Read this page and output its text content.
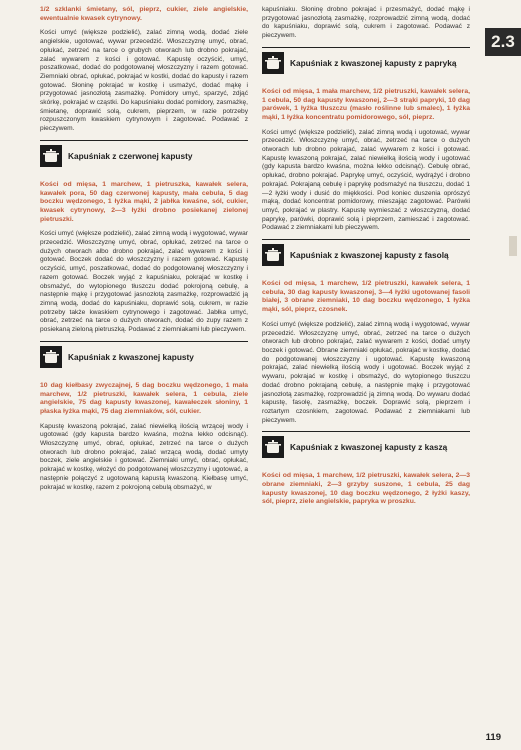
2.3
1/2 szklanki śmietany, sól, pieprz, cukier, ziele angielskie, ewentualnie kwasek cytrynowy.

Kości umyć (większe podzielić), zalać zimną wodą, dodać ziele angielskie, ugotować, wywar przecedzić. Włoszczyznę umyć, obrać, opłukać, zetrzeć na tarce o grubych otworach lub drobno pokrajać, zalać wywarem z kości i gotować. Kapustę oczyścić, umyć, poszatkować, dodać do podgotowanej włoszczyzny i razem gotować. Ziemniaki obrać, opłukać, pokrajać w kostki, dodać do kapusty i razem gotować. Słoninę pokrajać w kostkę i usmażyć, dodać mąkę i przygotować jasnozłotą zasmażkę. Pomidory umyć, sparzyć, zdjąć skórkę, pokrajać w cząstki. Do kapuśniaku dodać pomidory, zasmażkę, śmietanę, doprawić solą, cukrem, pieprzem, w razie potrzeby rozpuszczonym kwaskiem cytrynowym i zagotować. Podawać z pieczywem.

Kapuśniak z czerwonej kapusty
Kości od mięsa, 1 marchew, 1 pietruszka, kawałek selera, kawałek pora, 50 dag czerwonej kapusty, mała cebula, 5 dag boczku wędzonego, 1 łyżka mąki, 2 jabłka kwaśne, sól, cukier, kwasek cytrynowy, 2—3 łyżki drobno posiekanej zielonej pietruszki.

Kości umyć (większe podzielić), zalać zimną wodą i wygotować, wywar przecedzić. Włoszczyznę umyć, obrać, opłukać, zetrzeć na tarce o dużych otworach albo drobno pokrajać, zalać wywarem z kości i gotować. Boczek dodać do włoszczyzny i razem gotować. Kapustę oczyścić, umyć, poszatkować, dodać do podgotowanej włoszczyzny i razem gotować. Boczek wyjąć z kapuśniaku, pokrajać w kostkę i obsmażyć, do wytopionego tłuszczu dodać pokrojoną cebulę, a następnie mąkę i przygotować jasnozłotą zasmażkę, rozprowadzić ją zimną wodą, dodać do kapuśniaku, doprawić solą, cukrem, w razie potrzeby także kwaskiem cytrynowego i zagotować. Jabłka umyć, obrać, zetrzeć na tarce o dużych otworach, dodać do zupy razem z posiekaną zieloną pietruszką. Podawać z ziemniakami lub pieczywem.

Kapuśniak z kwaszonej kapusty
10 dag kiełbasy zwyczajnej, 5 dag boczku wędzonego, 1 mała marchew, 1/2 pietruszki, kawałek selera, 1 cebula, ziele angielskie, 75 dag kapusty kwaszonej, kawałeczek słoniny, 1 płaska łyżka mąki, 75 dag ziemniaków, sól, cukier.

Kapustę kwaszoną pokrajać, zalać niewielką ilością wrzącej wody i ugotować (gdy kapusta bardzo kwaśna, można lekko odcisnąć). Włoszczyznę umyć, obrać, opłukać, zetrzeć na tarce o dużych otworach lub drobno pokrajać, zalać wrzącą wodą, dodać umyty boczek, ziele angielskie i gotować. Ziemniaki umyć, obrać, opłukać, pokrajać w kostkę, włożyć do podgotowanej włoszczyzny i ugotować, a następnie połączyć z ugotowaną kapustą kwaszoną. Kiełbasę umyć, pokrajać w kostkę, razem z pokrojoną cebulą obsmażyć, w

kapuśniaku. Słoninę drobno pokrajać i przesmażyć, dodać mąkę i przygotować jasnozłotą zasmażkę, rozprowadzić zimną wodą, dodać do kapuśniaku, doprawić solą, cukrem i zagotować. Podawać z pieczywem.

Kapuśniak z kwaszonej kapusty z papryką
Kości od mięsa, 1 mała marchew, 1/2 pietruszki, kawałek selera, 1 cebula, 50 dag kapusty kwaszonej, 2—3 strąki papryki, 10 dag parówek, 1 łyżka tłuszczu (masło roślinne lub smalec), 1 łyżka mąki, 1 łyżka koncentratu pomidorowego, sól, pieprz.

Kości umyć (większe podzielić), zalać zimną wodą i ugotować, wywar przecedzić. Włoszczyznę umyć, obrać, zetrzeć na tarce o dużych otworach lub drobno pokrajać, zalać wywarem z kości i gotować. Kapustę kwaszoną pokrajać, zalać niewielką ilością wody i ugotować (gdy kapusta bardzo kwaśna, można lekko odcisnąć). Cebulę obrać, opłukać, drobno pokrajać. Paprykę umyć, oczyścić, wydrążyć i drobno pokrajać. Pokrajaną cebulę i paprykę podsmażyć na tłuszczu, dodać 1—2 łyżki wody i dusić do miękkości. Pod koniec duszenia oprószyć mąką, dodać koncentrat pomidorowy, mieszając zagotować. Parówki umyć, pokrajać w plastry. Kapustę wymieszać z włoszczyzną, dodać paprykę, parówki, doprawić solą i pieprzem, zamieszać i zagotować. Podawać z ziemniakami lub pieczywem.

Kapuśniak z kwaszonej kapusty z fasolą
Kości od mięsa, 1 marchew, 1/2 pietruszki, kawałek selera, 1 cebula, 30 dag kapusty kwaszonej, 3—4 łyżki ugotowanej fasoli białej, 3 obrane ziemniaki, 10 dag boczku wędzonego, 1 łyżka mąki, sól, pieprz, czosnek.

Kości umyć (większe podzielić), zalać zimną wodą i wygotować, wywar przecedzić. Włoszczyznę umyć, obrać, zetrzeć na tarce o dużych otworach lub drobno pokrajać, zalać wywarem z kości, dodać umyty boczek i gotować. Obrane ziemniaki opłukać, pokrajać w kostkę, dodać do podgotowanej włoszczyzny i ugotować. Kapustę kwaszoną pokrajać, zalać niewielką ilością wody i ugotować. Boczek wyjąć z wywaru, pokrajać w kostkę i obsmażyć, do wytopionego tłuszczu dodać drobno pokrajaną cebulę, a następnie mąkę i przygotować jasnozłotą zasmażkę, rozprowadzić ją zimną wodą. Do wywaru dodać kapustę, fasolę, zasmażkę, boczek. Doprawić solą, pieprzem i roztartym czosnkiem, zagotować. Podawać z ziemniakami lub pieczywem.

Kapuśniak z kwaszonej kapusty z kaszą
Kości od mięsa, 1 marchew, 1/2 pietruszki, kawałek selera, 2—3 obrane ziemniaki, 2—3 grzyby suszone, 1 cebula, 25 dag kapusty kwaszonej, 10 dag boczku wędzonego, 2 łyżki kaszy, sól, pieprz, ziele angielskie, papryka w proszku.
119
